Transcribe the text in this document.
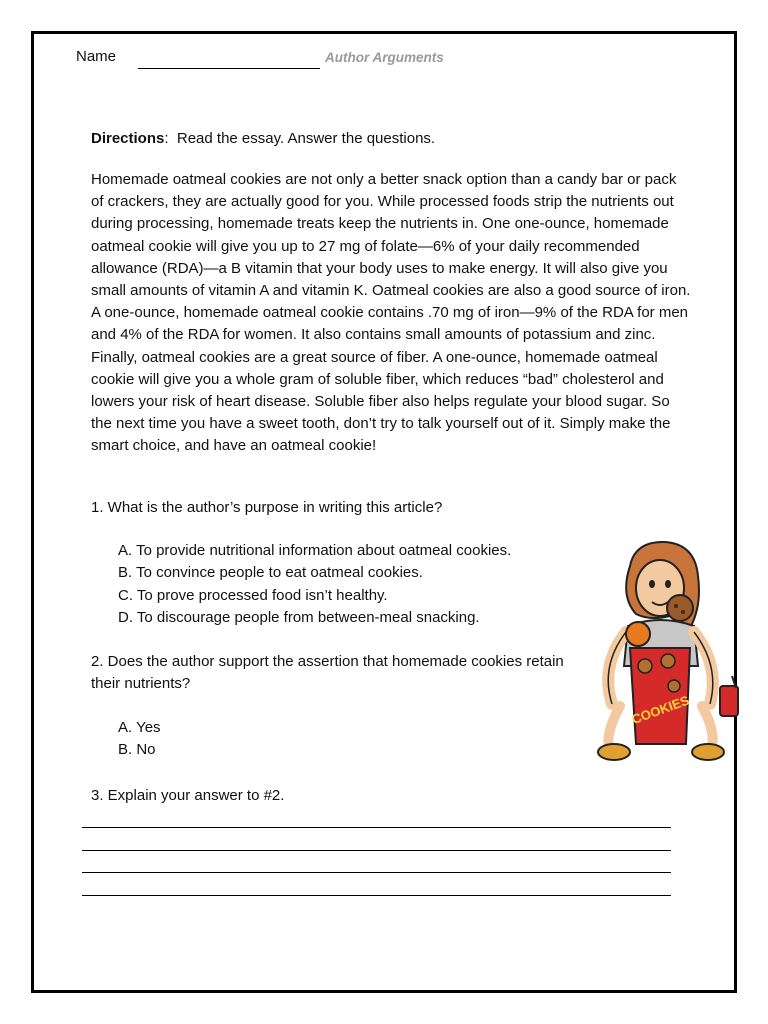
Name	Author Arguments
Directions:  Read the essay. Answer the questions.

Homemade oatmeal cookies are not only a better snack option than a candy bar or pack of crackers, they are actually good for you. While processed foods strip the nutrients out during processing, homemade treats keep the nutrients in. One one-ounce, homemade oatmeal cookie will give you up to 27 mg of folate—6% of your daily recommended allowance (RDA)—a B vitamin that your body uses to make energy. It will also give you small amounts of vitamin A and vitamin K. Oatmeal cookies are also a good source of iron. A one-ounce, homemade oatmeal cookie contains .70 mg of iron—9% of the RDA for men and 4% of the RDA for women. It also contains small amounts of potassium and zinc. Finally, oatmeal cookies are a great source of fiber. A one-ounce, homemade oatmeal cookie will give you a whole gram of soluble fiber, which reduces “bad” cholesterol and lowers your risk of heart disease. Soluble fiber also helps regulate your blood sugar. So the next time you have a sweet tooth, don’t try to talk yourself out of it. Simply make the smart choice, and have an oatmeal cookie!

1. What is the author’s purpose in writing this article?
A. To provide nutritional information about oatmeal cookies.
B. To convince people to eat oatmeal cookies.
C. To prove processed food isn’t healthy.
D. To discourage people from between-meal snacking.
2. Does the author support the assertion that homemade cookies retain their nutrients?
A. Yes
B. No
3. Explain your answer to #2.
COOKIES
